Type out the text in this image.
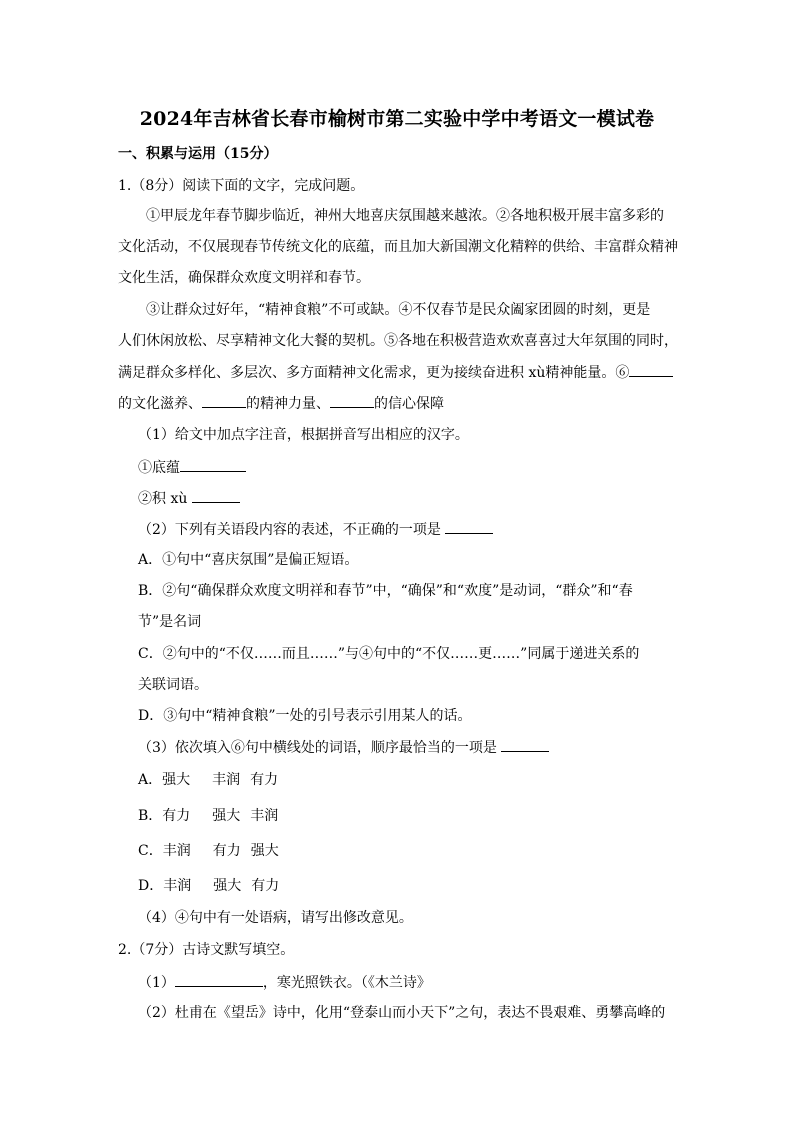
2024年吉林省长春市榆树市第二实验中学中考语文一模试卷
一、积累与运用（15分）
1.（8分）阅读下面的文字，完成问题。
①甲辰龙年春节脚步临近，神州大地喜庆氛围越来越浓。②各地积极开展丰富多彩的
文化活动，不仅展现春节传统文化的底蕴，而且加大新国潮文化精粹的供给、丰富群众精神
文化生活，确保群众欢度文明祥和春节。
③让群众过好年，“精神食粮”不可或缺。④不仅春节是民众阖家团圆的时刻，更是
人们休闲放松、尽享精神文化大餐的契机。⑤各地在积极营造欢欢喜喜过大年氛围的同时，
满足群众多样化、多层次、多方面精神文化需求，更为接续奋进积 xù精神能量。⑥
的文化滋养、	的精神力量、	的信心保障
（1）给文中加点字注音，根据拼音写出相应的汉字。
①底蕴
②积 xù
（2）下列有关语段内容的表述，不正确的一项是
A．①句中“喜庆氛围”是偏正短语。
B．②句“确保群众欢度文明祥和春节”中，“确保”和“欢度”是动词，“群众”和“春
节”是名词
C．②句中的“不仅……而且……”与④句中的“不仅……更……”同属于递进关系的
关联词语。
D．③句中“精神食粮”一处的引号表示引用某人的话。
（3）依次填入⑥句中横线处的词语，顺序最恰当的一项是
A．强大 丰润 有力
B．有力 强大 丰润
C．丰润 有力 强大
D．丰润 强大 有力
（4）④句中有一处语病，请写出修改意见。
2.（7分）古诗文默写填空。
（1）	，寒光照铁衣。（《木兰诗》
（2）杜甫在《望岳》诗中，化用“登泰山而小天下”之句，表达不畏艰难、勇攀高峰的
